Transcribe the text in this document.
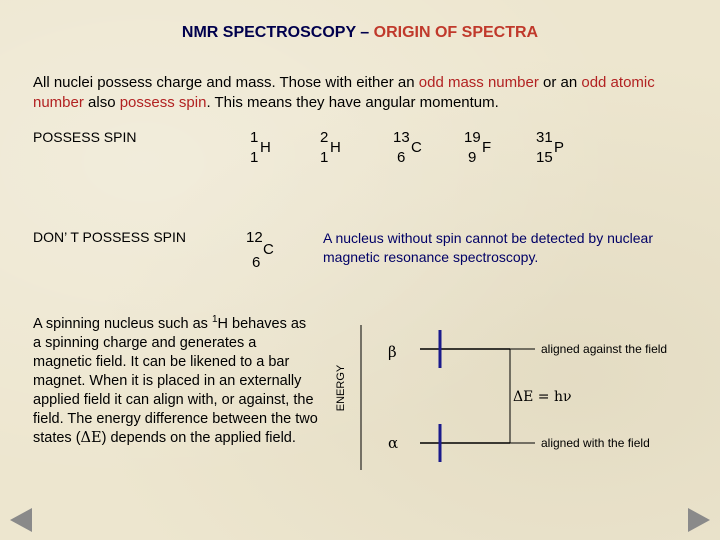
NMR SPECTROSCOPY – ORIGIN OF SPECTRA
All nuclei possess charge and mass. Those with either an odd mass number or an odd atomic number also possess spin. This means they have angular momentum.
POSSESS SPIN	1
1
H
2
1
H
13
6
C
19
9
F
31
15
P
DON’ T POSSESS SPIN	12
6
C
A nucleus without spin cannot be detected by nuclear magnetic resonance spectroscopy.
A spinning nucleus such as $^1$H behaves as a spinning charge and generates a magnetic field. It can be likened to a bar magnet. When it is placed in an externally applied field it can align with, or against, the field. The energy difference between the two states (ΔE) depends on the applied field.
ENERGY
β
α
ΔE = hν
aligned against the field
aligned with the field
